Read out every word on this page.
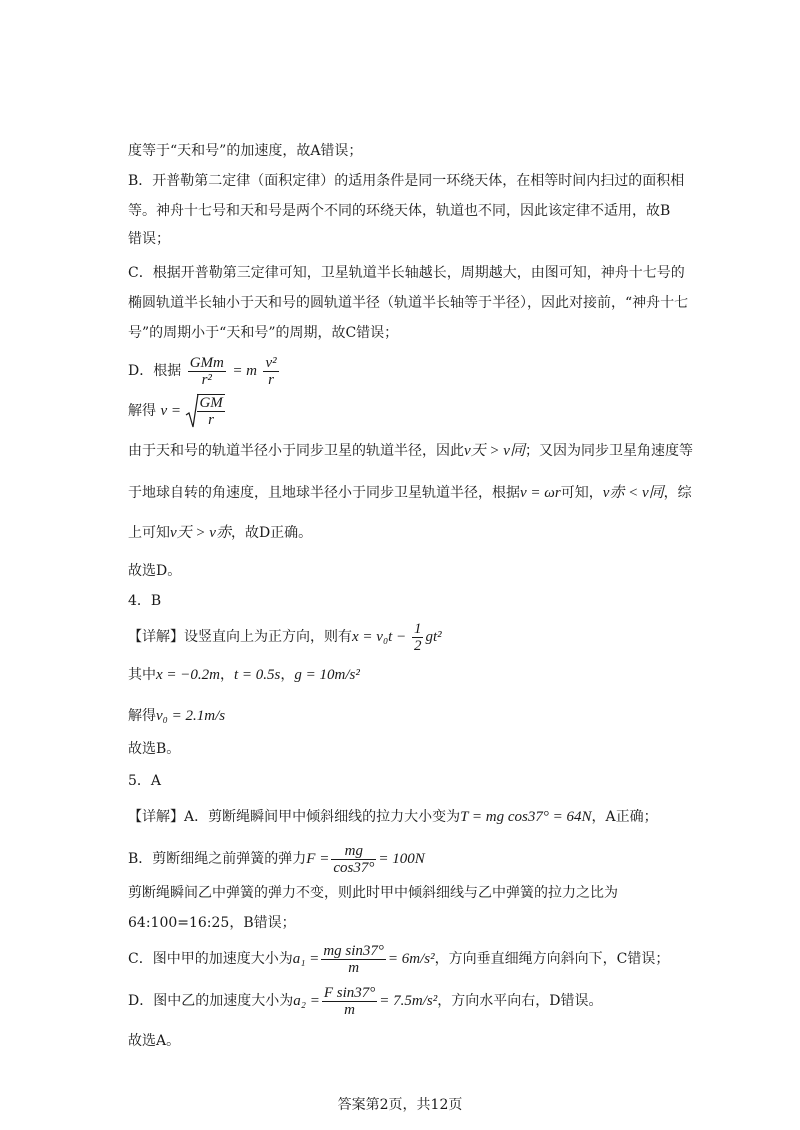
度等于“天和号”的加速度，故A错误；
B．开普勒第二定律（面积定律）的适用条件是同一环绕天体，在相等时间内扫过的面积相
等。神舟十七号和天和号是两个不同的环绕天体，轨道也不同，因此该定律不适用，故B
错误；
C．根据开普勒第三定律可知，卫星轨道半长轴越长，周期越大，由图可知，神舟十七号的
椭圆轨道半长轴小于天和号的圆轨道半径（轨道半长轴等于半径），因此对接前，“神舟十七
号”的周期小于“天和号”的周期，故C错误；
D．根据 $\frac{\text{GMm}}{\text{r²}} = m \frac{\text{v²}}{r}$
解得 $v = \frac{GM}{r}$
由于天和号的轨道半径小于同步卫星的轨道半径，因此v天 > v同；又因为同步卫星角速度等
于地球自转的角速度，且地球半径小于同步卫星轨道半径，根据v = ωr可知，v赤 < v同，综
上可知v天 > v赤，故D正确。
故选D。
4．B
【详解】设竖直向上为正方向，则有$x = v_0t - \frac{1}{2} gt^2$
其中x = −0.2m，t = 0.5s，g = 10m/s²
解得v₀ = 2.1m/s
故选B。
5．A
【详解】A．剪断绳瞬间甲中倾斜细线的拉力大小变为T = mg cos37° = 64N，A正确；
B．剪断细绳之前弹簧的弹力$F = \frac{mg}{\cos 37^\circ} = 100N$
剪断绳瞬间乙中弹簧的弹力不变，则此时甲中倾斜细线与乙中弹簧的拉力之比为
64:100=16:25，B错误；
C．图中甲的加速度大小为$a_1 = \frac{\text{mg sin37°}}{m} = 6m/s^2$，方向垂直细绳方向斜向下，C错误；
D．图中乙的加速度大小为$a_2 = \frac{\text{F sin37°}}{m} = 7.5m/s^2$，方向水平向右，D错误。
故选A。
答案第2页，共12页
